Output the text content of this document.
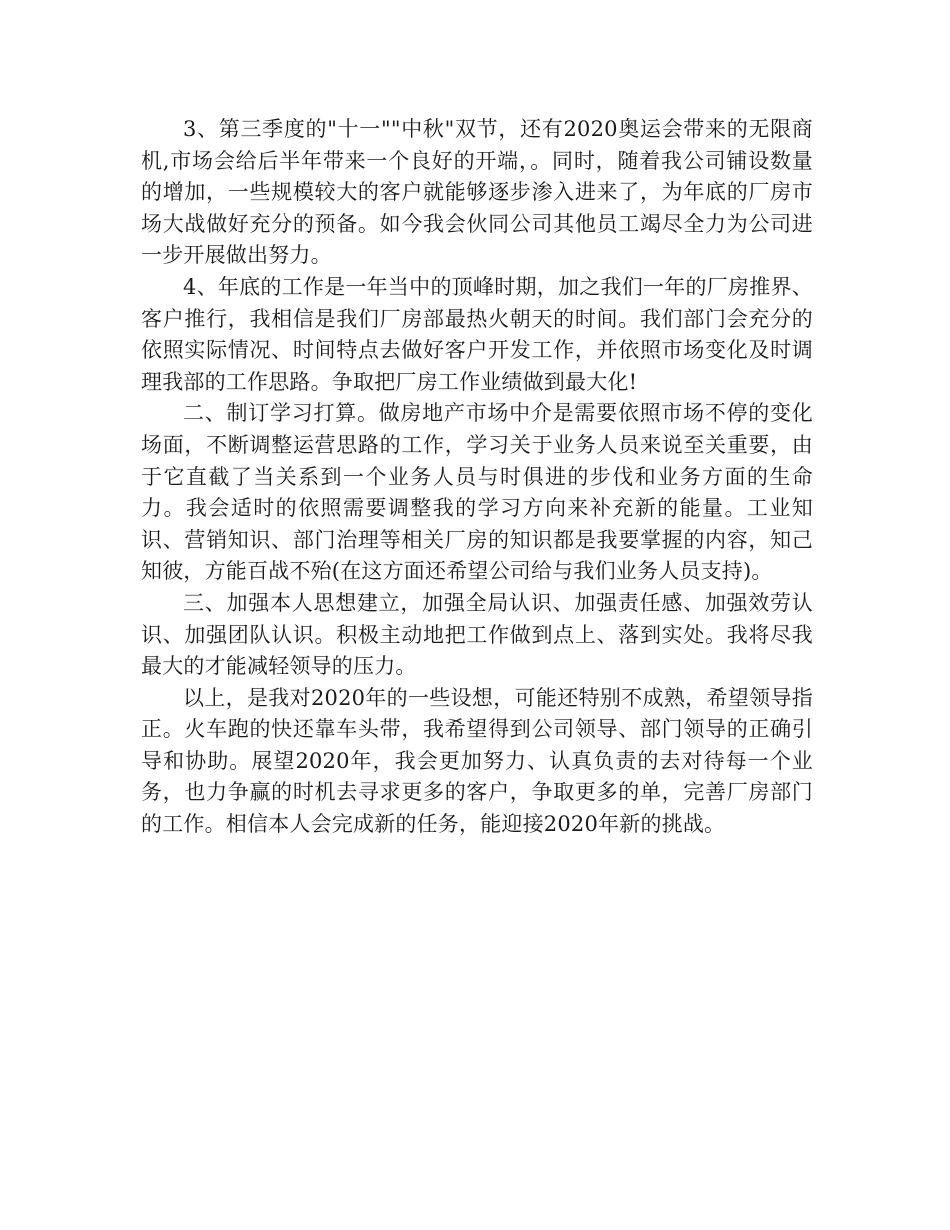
3、第三季度的"十一""中秋"双节，还有2020奥运会带来的无限商机,市场会给后半年带来一个良好的开端，。同时，随着我公司铺设数量的增加，一些规模较大的客户就能够逐步渗入进来了，为年底的厂房市场大战做好充分的预备。如今我会伙同公司其他员工竭尽全力为公司进一步开展做出努力。

4、年底的工作是一年当中的顶峰时期，加之我们一年的厂房推界、客户推行，我相信是我们厂房部最热火朝天的时间。我们部门会充分的依照实际情况、时间特点去做好客户开发工作，并依照市场变化及时调理我部的工作思路。争取把厂房工作业绩做到最大化!

二、制订学习打算。做房地产市场中介是需要依照市场不停的变化场面，不断调整运营思路的工作，学习关于业务人员来说至关重要，由于它直截了当关系到一个业务人员与时俱进的步伐和业务方面的生命力。我会适时的依照需要调整我的学习方向来补充新的能量。工业知识、营销知识、部门治理等相关厂房的知识都是我要掌握的内容，知己知彼，方能百战不殆(在这方面还希望公司给与我们业务人员支持)。

三、加强本人思想建立，加强全局认识、加强责任感、加强效劳认识、加强团队认识。积极主动地把工作做到点上、落到实处。我将尽我最大的才能减轻领导的压力。

以上，是我对2020年的一些设想，可能还特别不成熟，希望领导指正。火车跑的快还靠车头带，我希望得到公司领导、部门领导的正确引导和协助。展望2020年，我会更加努力、认真负责的去对待每一个业务，也力争赢的时机去寻求更多的客户，争取更多的单，完善厂房部门的工作。相信本人会完成新的任务，能迎接2020年新的挑战。
